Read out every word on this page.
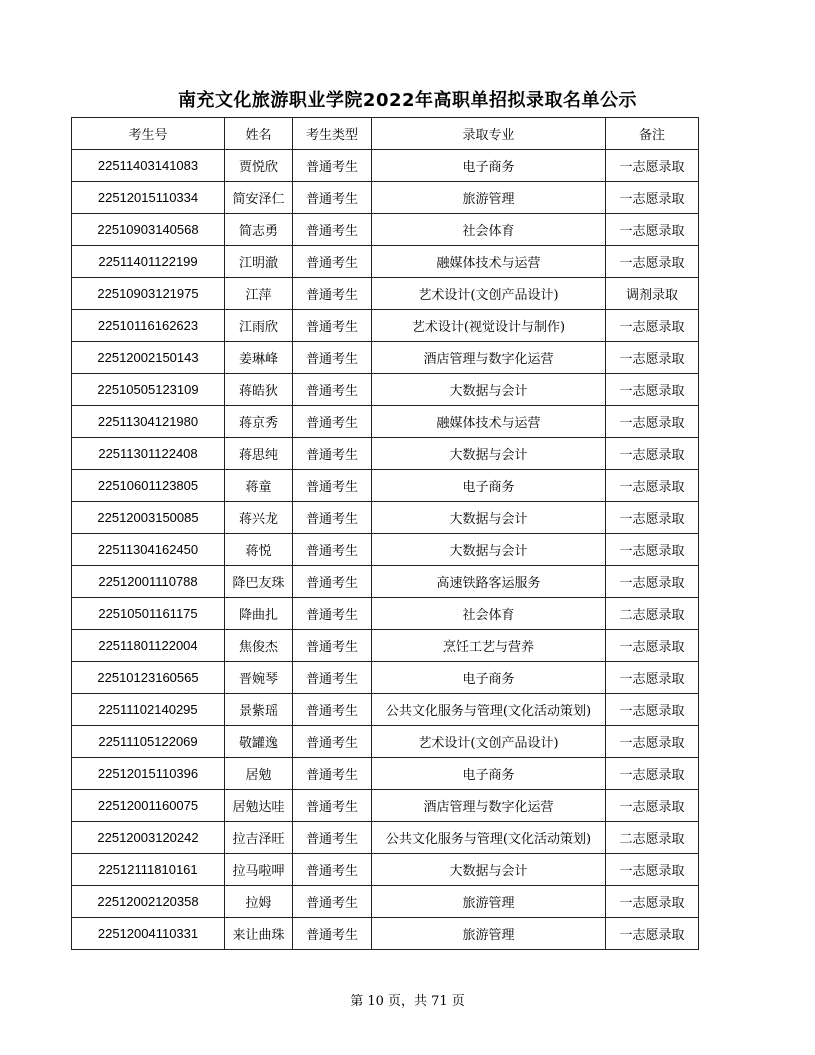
南充文化旅游职业学院2022年高职单招拟录取名单公示
考生号	姓名	考生类型	录取专业	备注
22511403141083	贾悦欣	普通考生	电子商务	一志愿录取
22512015110334	简安泽仁	普通考生	旅游管理	一志愿录取
22510903140568	简志勇	普通考生	社会体育	一志愿录取
22511401122199	江明澈	普通考生	融媒体技术与运营	一志愿录取
22510903121975	江萍	普通考生	艺术设计(文创产品设计)	调剂录取
22510116162623	江雨欣	普通考生	艺术设计(视觉设计与制作)	一志愿录取
22512002150143	姜琳峰	普通考生	酒店管理与数字化运营	一志愿录取
22510505123109	蒋皓狄	普通考生	大数据与会计	一志愿录取
22511304121980	蒋京秀	普通考生	融媒体技术与运营	一志愿录取
22511301122408	蒋思纯	普通考生	大数据与会计	一志愿录取
22510601123805	蒋童	普通考生	电子商务	一志愿录取
22512003150085	蒋兴龙	普通考生	大数据与会计	一志愿录取
22511304162450	蒋悦	普通考生	大数据与会计	一志愿录取
22512001110788	降巴友珠	普通考生	高速铁路客运服务	一志愿录取
22510501161175	降曲扎	普通考生	社会体育	二志愿录取
22511801122004	焦俊杰	普通考生	烹饪工艺与营养	一志愿录取
22510123160565	晋婉琴	普通考生	电子商务	一志愿录取
22511102140295	景紫瑶	普通考生	公共文化服务与管理(文化活动策划)	一志愿录取
22511105122069	敬罐逸	普通考生	艺术设计(文创产品设计)	一志愿录取
22512015110396	居勉	普通考生	电子商务	一志愿录取
22512001160075	居勉达哇	普通考生	酒店管理与数字化运营	一志愿录取
22512003120242	拉吉泽旺	普通考生	公共文化服务与管理(文化活动策划)	二志愿录取
22512111810161	拉马啦呷	普通考生	大数据与会计	一志愿录取
22512002120358	拉姆	普通考生	旅游管理	一志愿录取
22512004110331	来让曲珠	普通考生	旅游管理	一志愿录取
第 10 页，共 71 页
